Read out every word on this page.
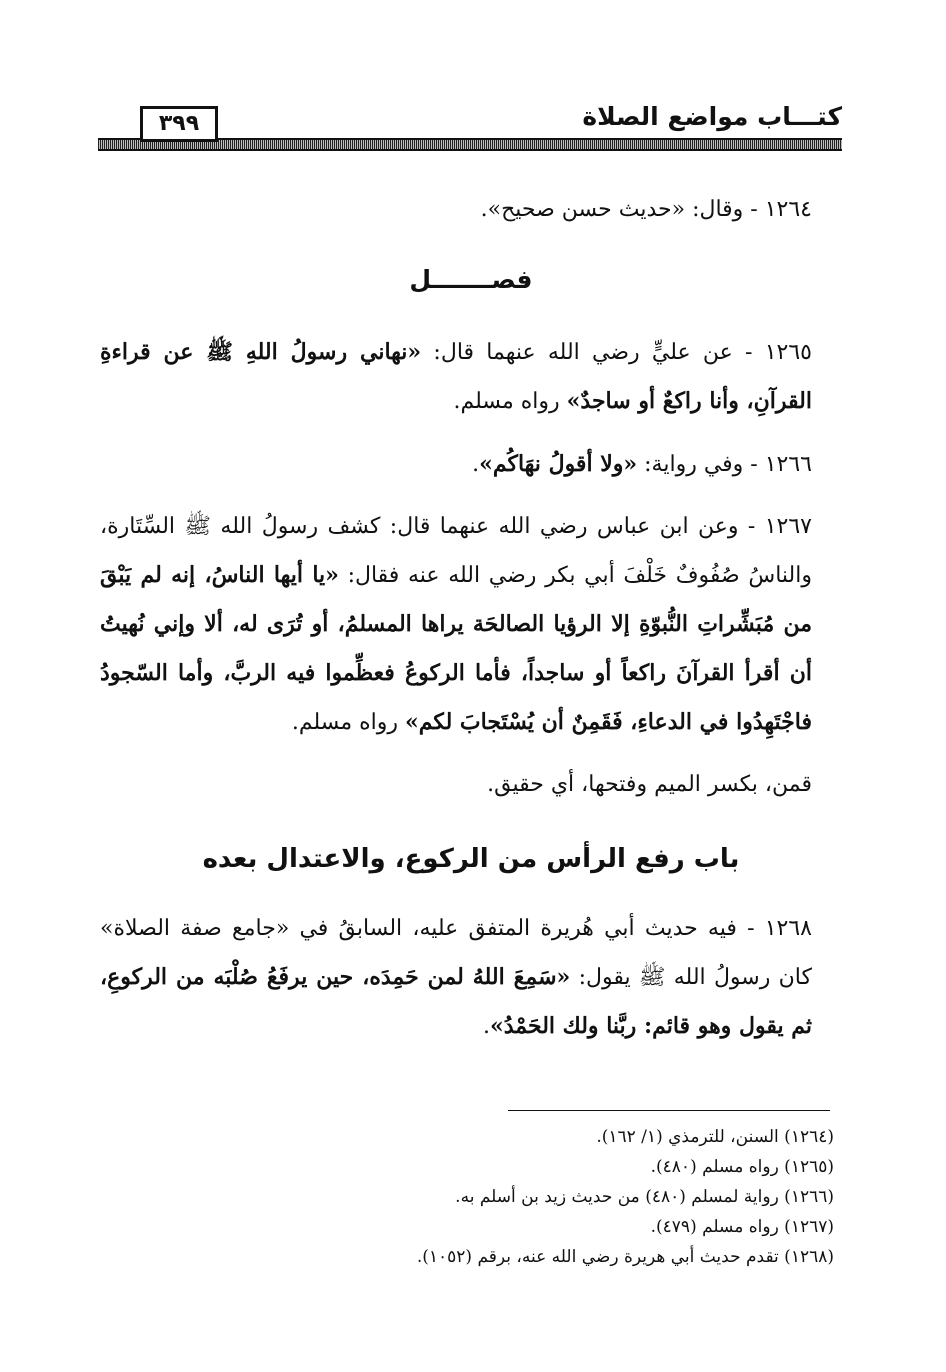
كتـــاب مواضع الصلاة
٣٩٩

١٢٦٤ - وقال: «حديث حسن صحيح».

فصـــــــل

١٢٦٥ - عن عليٍّ رضي الله عنهما قال: «نهاني رسولُ اللهِ ﷺ عن قراءةِ القرآنِ، وأنا راكعٌ أو ساجدٌ» رواه مسلم.

١٢٦٦ - وفي رواية: «ولا أقولُ نهَاكُم».

١٢٦٧ - وعن ابن عباس رضي الله عنهما قال: كشف رسولُ الله ﷺ السِّتَارة، والناسُ صُفُوفٌ خَلْفَ أبي بكر رضي الله عنه فقال: «يا أيها الناسُ، إنه لم يَبْقَ من مُبَشِّراتِ النُّبوّةِ إلا الرؤيا الصالحَة يراها المسلمُ، أو تُرَى له، ألا وإني نُهيتُ أن أقرأ القرآنَ راكعاً أو ساجداً، فأما الركوعُ فعظِّموا فيه الربَّ، وأما السّجودُ فاجْتَهِدُوا في الدعاءِ، فَقَمِنٌ أن يُسْتَجابَ لكم» رواه مسلم.

قمن، بكسر الميم وفتحها، أي حقيق.

باب رفع الرأس من الركوع، والاعتدال بعده

١٢٦٨ - فيه حديث أبي هُريرة المتفق عليه، السابقُ في «جامع صفة الصلاة» كان رسولُ الله ﷺ يقول: «سَمِعَ اللهُ لمن حَمِدَه، حين يرفَعُ صُلْبَه من الركوعِ، ثم يقول وهو قائم: ربَّنا ولك الحَمْدُ».

(١٢٦٤) السنن، للترمذي (١/ ١٦٢).
(١٢٦٥) رواه مسلم (٤٨٠).
(١٢٦٦) رواية لمسلم (٤٨٠) من حديث زيد بن أسلم به.
(١٢٦٧) رواه مسلم (٤٧٩).
(١٢٦٨) تقدم حديث أبي هريرة رضي الله عنه، برقم (١٠٥٢).
